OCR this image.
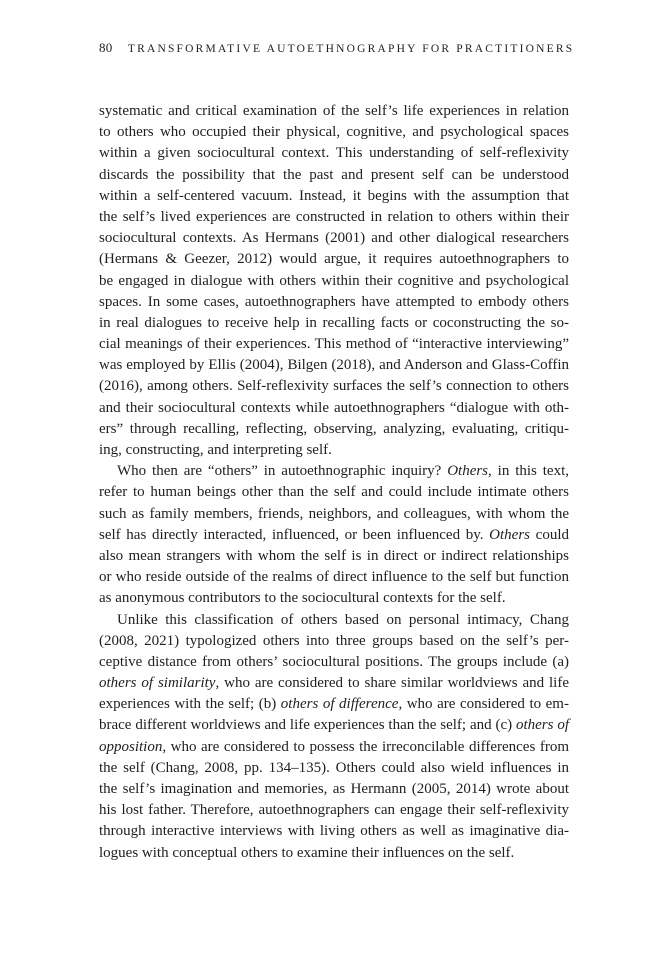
80 TRANSFORMATIVE AUTOETHNOGRAPHY FOR PRACTITIONERS

systematic and critical examination of the self’s life experiences in relation
to others who occupied their physical, cognitive, and psychological spaces
within a given sociocultural context. This understanding of self-reflexivity
discards the possibility that the past and present self can be understood
within a self-centered vacuum. Instead, it begins with the assumption that
the self’s lived experiences are constructed in relation to others within their
sociocultural contexts. As Hermans (2001) and other dialogical researchers
(Hermans & Geezer, 2012) would argue, it requires autoethnographers to
be engaged in dialogue with others within their cognitive and psychological
spaces. In some cases, autoethnographers have attempted to embody others
in real dialogues to receive help in recalling facts or coconstructing the so-
cial meanings of their experiences. This method of “interactive interviewing”
was employed by Ellis (2004), Bilgen (2018), and Anderson and Glass-Coffin
(2016), among others. Self-reflexivity surfaces the self’s connection to others
and their sociocultural contexts while autoethnographers “dialogue with oth-
ers” through recalling, reflecting, observing, analyzing, evaluating, critiqu-
ing, constructing, and interpreting self.

Who then are “others” in autoethnographic inquiry? Others, in this text,
refer to human beings other than the self and could include intimate others
such as family members, friends, neighbors, and colleagues, with whom the
self has directly interacted, influenced, or been influenced by. Others could
also mean strangers with whom the self is in direct or indirect relationships
or who reside outside of the realms of direct influence to the self but function
as anonymous contributors to the sociocultural contexts for the self.

Unlike this classification of others based on personal intimacy, Chang
(2008, 2021) typologized others into three groups based on the self’s per-
ceptive distance from others’ sociocultural positions. The groups include (a)
others of similarity, who are considered to share similar worldviews and life
experiences with the self; (b) others of difference, who are considered to em-
brace different worldviews and life experiences than the self; and (c) others of
opposition, who are considered to possess the irreconcilable differences from
the self (Chang, 2008, pp. 134–135). Others could also wield influences in
the self’s imagination and memories, as Hermann (2005, 2014) wrote about
his lost father. Therefore, autoethnographers can engage their self-reflexivity
through interactive interviews with living others as well as imaginative dia-
logues with conceptual others to examine their influences on the self.
